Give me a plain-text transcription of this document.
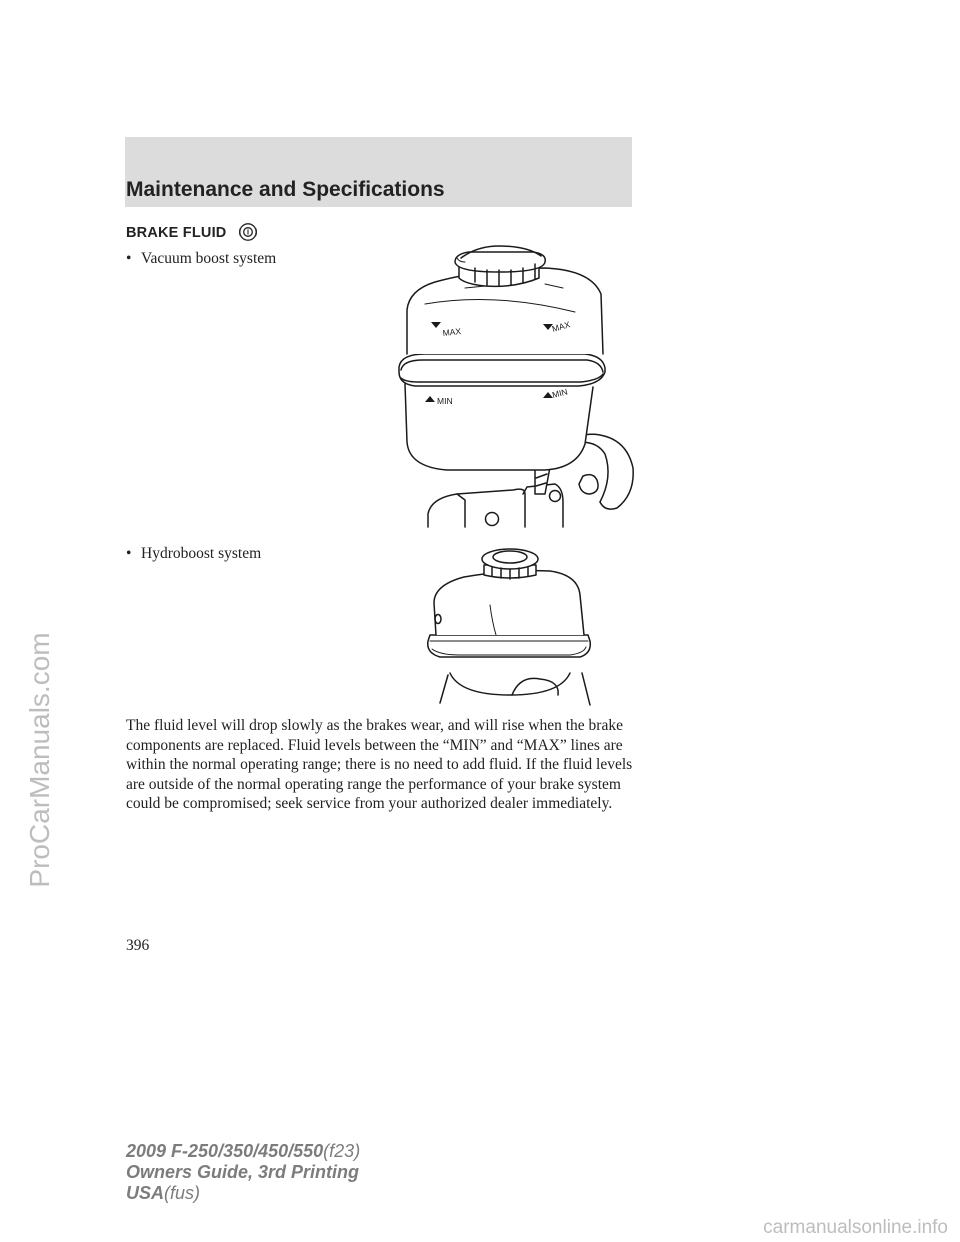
Maintenance and Specifications
BRAKE FLUID
• Vacuum boost system
MAX	MAX
MIN
MIN
• Hydroboost system

The fluid level will drop slowly as the brakes wear, and will rise when the brake components are replaced. Fluid levels between the “MIN” and “MAX” lines are within the normal operating range; there is no need to add fluid. If the fluid levels are outside of the normal operating range the performance of your brake system could be compromised; seek service from your authorized dealer immediately.

396
2009 F-250/350/450/550(f23)
Owners Guide, 3rd Printing
USA(fus)
ProCarManuals.com
carmanualsonline.info
